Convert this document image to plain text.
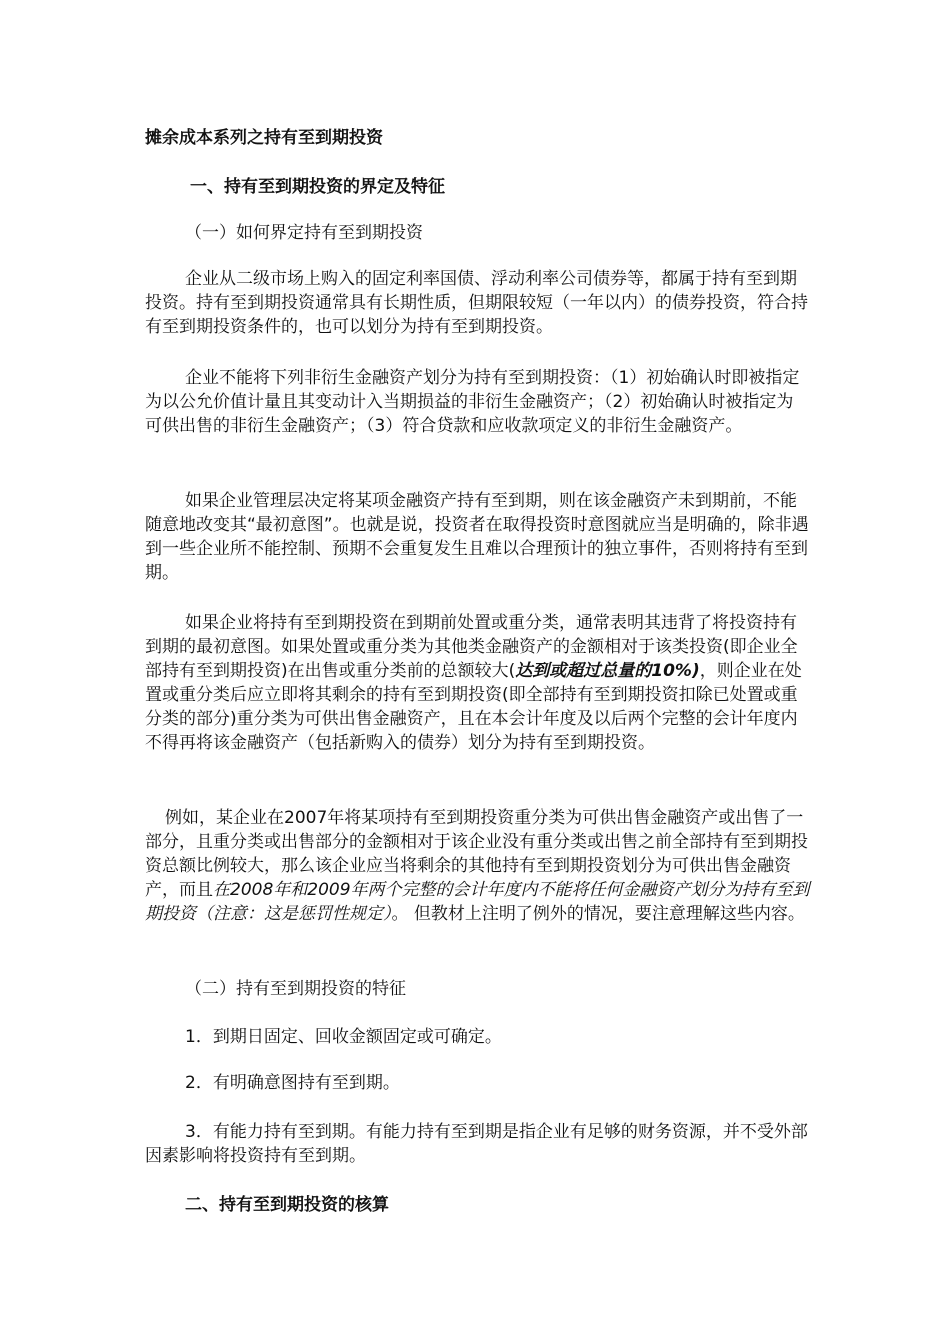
摊余成本系列之持有至到期投资

一、持有至到期投资的界定及特征

（一）如何界定持有至到期投资

企业从二级市场上购入的固定利率国债、浮动利率公司债券等，都属于持有至到期投资。持有至到期投资通常具有长期性质，但期限较短（一年以内）的债券投资，符合持有至到期投资条件的，也可以划分为持有至到期投资。

企业不能将下列非衍生金融资产划分为持有至到期投资：（1）初始确认时即被指定为以公允价值计量且其变动计入当期损益的非衍生金融资产；（2）初始确认时被指定为可供出售的非衍生金融资产；（3）符合贷款和应收款项定义的非衍生金融资产。

如果企业管理层决定将某项金融资产持有至到期，则在该金融资产未到期前，不能随意地改变其“最初意图”。也就是说，投资者在取得投资时意图就应当是明确的，除非遇到一些企业所不能控制、预期不会重复发生且难以合理预计的独立事件，否则将持有至到期。

如果企业将持有至到期投资在到期前处置或重分类，通常表明其违背了将投资持有到期的最初意图。如果处置或重分类为其他类金融资产的金额相对于该类投资(即企业全部持有至到期投资)在出售或重分类前的总额较大(达到或超过总量的10%)，则企业在处置或重分类后应立即将其剩余的持有至到期投资(即全部持有至到期投资扣除已处置或重分类的部分)重分类为可供出售金融资产，且在本会计年度及以后两个完整的会计年度内不得再将该金融资产（包括新购入的债券）划分为持有至到期投资。

例如，某企业在2007年将某项持有至到期投资重分类为可供出售金融资产或出售了一部分，且重分类或出售部分的金额相对于该企业没有重分类或出售之前全部持有至到期投资总额比例较大，那么该企业应当将剩余的其他持有至到期投资划分为可供出售金融资产，而且在2008年和2009年两个完整的会计年度内不能将任何金融资产划分为持有至到期投资（注意：这是惩罚性规定）。 但教材上注明了例外的情况，要注意理解这些内容。

（二）持有至到期投资的特征

1．到期日固定、回收金额固定或可确定。

2．有明确意图持有至到期。

3．有能力持有至到期。有能力持有至到期是指企业有足够的财务资源，并不受外部因素影响将投资持有至到期。

二、持有至到期投资的核算
